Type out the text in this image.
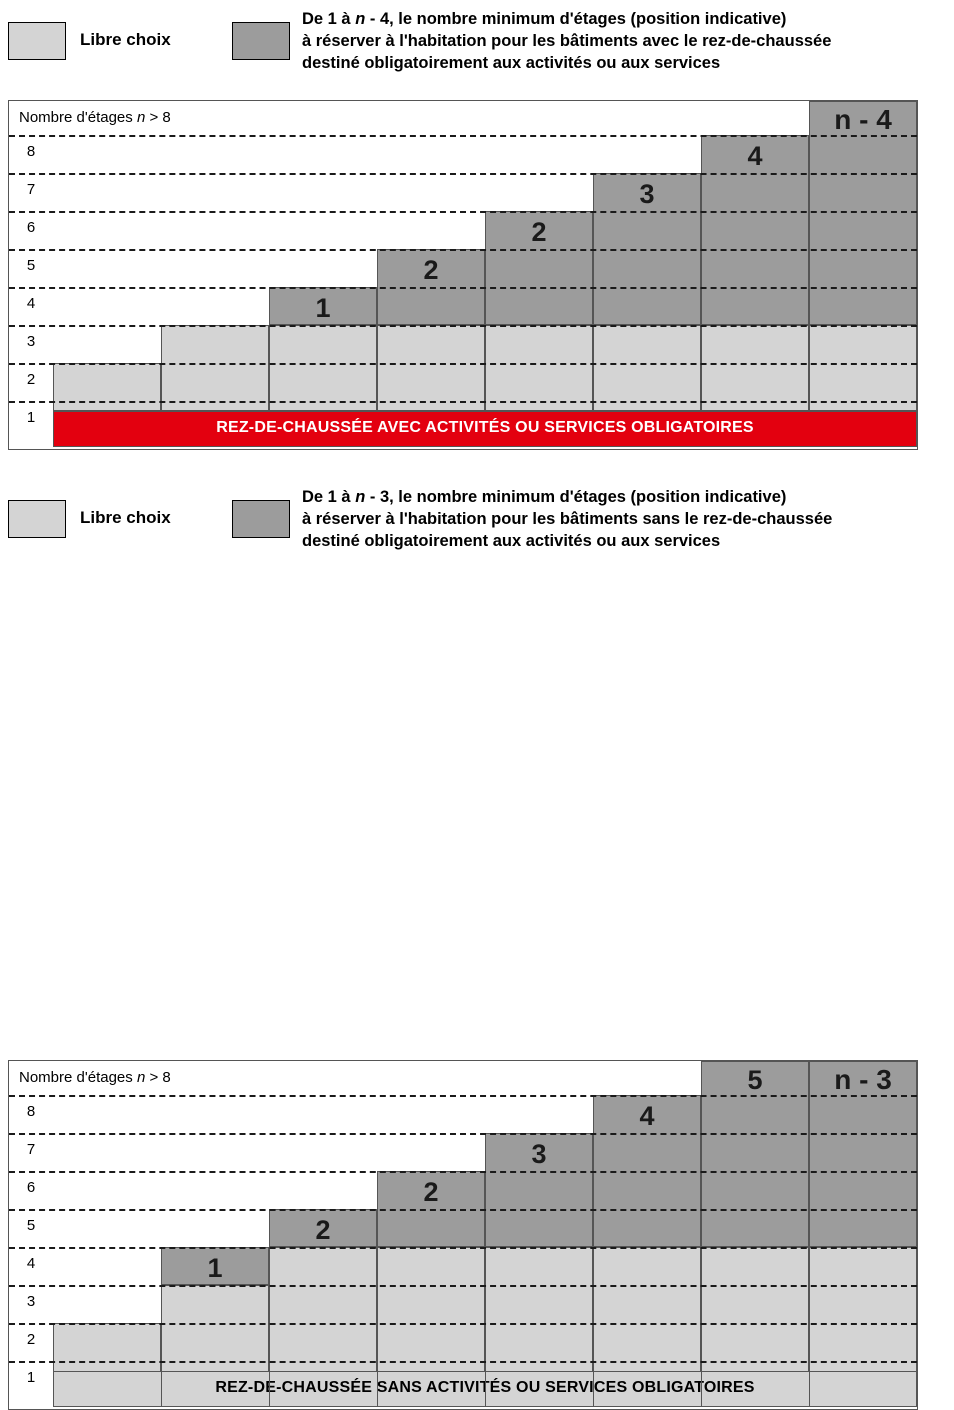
Libre choix
De 1 à n - 4, le nombre minimum d'étages (position indicative)
à réserver à l'habitation pour les bâtiments avec le rez-de-chaussée
destiné obligatoirement aux activités ou aux services
Nombre d'étages n > 8
8
7
6
5
4
3
2
1
1
2
2
3
4
n - 4
REZ-DE-CHAUSSÉE AVEC ACTIVITÉS OU SERVICES OBLIGATOIRES
Libre choix
De 1 à n - 3, le nombre minimum d'étages (position indicative)
à réserver à l'habitation pour les bâtiments sans le rez-de-chaussée
destiné obligatoirement aux activités ou aux services
Nombre d'étages n > 8
8
7
6
5
4
3
2
1
1
2
2
3
4
5	n - 3
REZ-DE-CHAUSSÉE SANS ACTIVITÉS OU SERVICES OBLIGATOIRES
